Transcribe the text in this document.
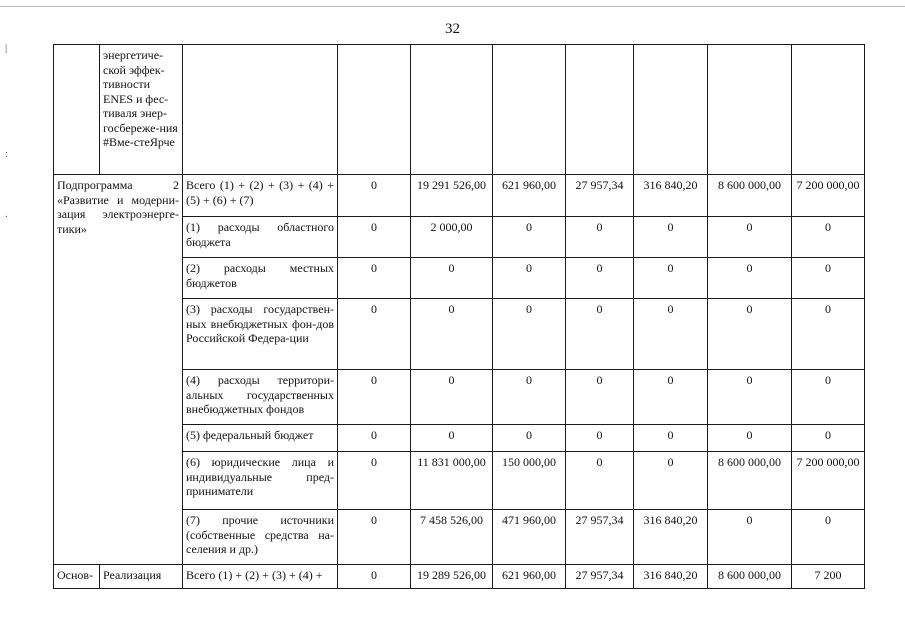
32
|
:
.
	энергетиче-ской эффек-тивности ENES и фес-тиваля энер-госбереже-ния #Вме-стеЯрче								
Подпрограмма 2 «Развитие и модерни-зация электроэнерге-тики»		Всего (1) + (2) + (3) + (4) + (5) + (6) + (7)	0	19 291 526,00	621 960,00	27 957,34	316 840,20	8 600 000,00	7 200 000,00
		(1) расходы областного бюджета	0	2 000,00	0	0	0	0	0
		(2) расходы местных бюджетов	0	0	0	0	0	0	0
		(3) расходы государствен-ных внебюджетных фон-дов Российской Федера-ции	0	0	0	0	0	0	0
		(4) расходы территори-альных государственных внебюджетных фондов	0	0	0	0	0	0	0
		(5) федеральный бюджет	0	0	0	0	0	0	0
		(6) юридические лица и индивидуальные пред-приниматели	0	11 831 000,00	150 000,00	0	0	8 600 000,00	7 200 000,00
		(7) прочие источники (собственные средства на-селения и др.)	0	7 458 526,00	471 960,00	27 957,34	316 840,20	0	0
Основ-	Реализация	Всего (1) + (2) + (3) + (4) +	0	19 289 526,00	621 960,00	27 957,34	316 840,20	8 600 000,00	7 200
